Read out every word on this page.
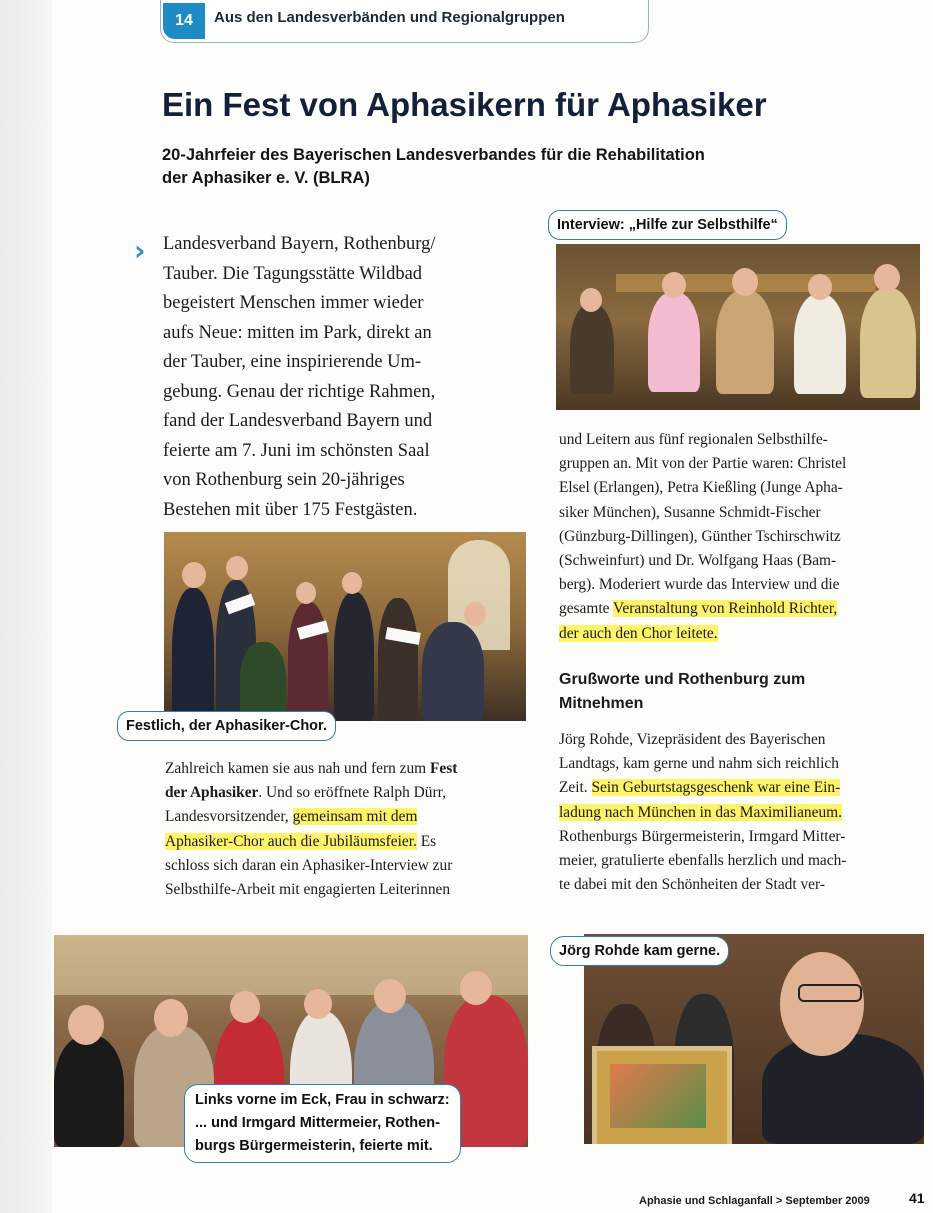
14	Aus den Landesverbänden und Regionalgruppen
Ein Fest von Aphasikern für Aphasiker
20-Jahrfeier des Bayerischen Landesverbandes für die Rehabilitation
der Aphasiker e. V. (BLRA)
› Landesverband Bayern, Rothenburg/
Tauber. Die Tagungsstätte Wildbad
begeistert Menschen immer wieder
aufs Neue: mitten im Park, direkt an
der Tauber, eine inspirierende Um-
gebung. Genau der richtige Rahmen,
fand der Landesverband Bayern und
feierte am 7. Juni im schönsten Saal
von Rothenburg sein 20-jähriges
Bestehen mit über 175 Festgästen.
Interview: „Hilfe zur Selbsthilfe“
Festlich, der Aphasiker-Chor.
Zahlreich kamen sie aus nah und fern zum Fest
der Aphasiker. Und so eröffnete Ralph Dürr,
Landesvorsitzender, gemeinsam mit dem
Aphasiker-Chor auch die Jubiläumsfeier. Es
schloss sich daran ein Aphasiker-Interview zur
Selbsthilfe-Arbeit mit engagierten Leiterinnen
und Leitern aus fünf regionalen Selbsthilfe-
gruppen an. Mit von der Partie waren: Christel
Elsel (Erlangen), Petra Kießling (Junge Apha-
siker München), Susanne Schmidt-Fischer
(Günzburg-Dillingen), Günther Tschirschwitz
(Schweinfurt) und Dr. Wolfgang Haas (Bam-
berg). Moderiert wurde das Interview und die
gesamte Veranstaltung von Reinhold Richter,
der auch den Chor leitete.
Grußworte und Rothenburg zum
Mitnehmen
Jörg Rohde, Vizepräsident des Bayerischen
Landtags, kam gerne und nahm sich reichlich
Zeit. Sein Geburtstagsgeschenk war eine Ein-
ladung nach München in das Maximilianeum.
Rothenburgs Bürgermeisterin, Irmgard Mitter-
meier, gratulierte ebenfalls herzlich und mach-
te dabei mit den Schönheiten der Stadt ver-
Links vorne im Eck, Frau in schwarz:
... und Irmgard Mittermeier, Rothen-
burgs Bürgermeisterin, feierte mit.
Jörg Rohde kam gerne.
Aphasie und Schlaganfall > September 2009	41
